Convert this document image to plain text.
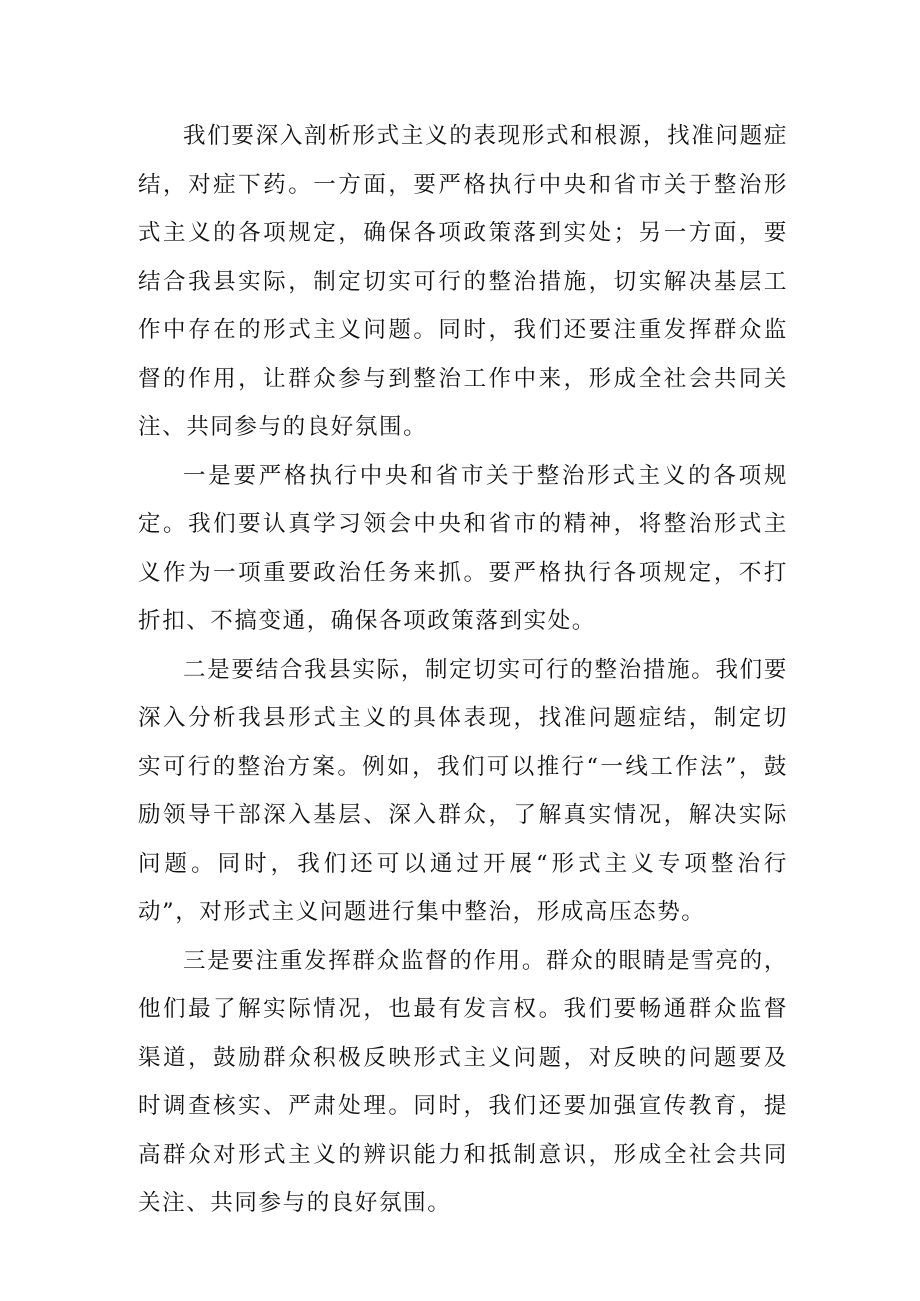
我们要深入剖析形式主义的表现形式和根源，找准问题症结，对症下药。一方面，要严格执行中央和省市关于整治形式主义的各项规定，确保各项政策落到实处；另一方面，要结合我县实际，制定切实可行的整治措施，切实解决基层工作中存在的形式主义问题。同时，我们还要注重发挥群众监督的作用，让群众参与到整治工作中来，形成全社会共同关注、共同参与的良好氛围。

一是要严格执行中央和省市关于整治形式主义的各项规定。我们要认真学习领会中央和省市的精神，将整治形式主义作为一项重要政治任务来抓。要严格执行各项规定，不打折扣、不搞变通，确保各项政策落到实处。

二是要结合我县实际，制定切实可行的整治措施。我们要深入分析我县形式主义的具体表现，找准问题症结，制定切实可行的整治方案。例如，我们可以推行“一线工作法”，鼓励领导干部深入基层、深入群众，了解真实情况，解决实际问题。同时，我们还可以通过开展“形式主义专项整治行动”，对形式主义问题进行集中整治，形成高压态势。

三是要注重发挥群众监督的作用。群众的眼睛是雪亮的，他们最了解实际情况，也最有发言权。我们要畅通群众监督渠道，鼓励群众积极反映形式主义问题，对反映的问题要及时调查核实、严肃处理。同时，我们还要加强宣传教育，提高群众对形式主义的辨识能力和抵制意识，形成全社会共同关注、共同参与的良好氛围。
